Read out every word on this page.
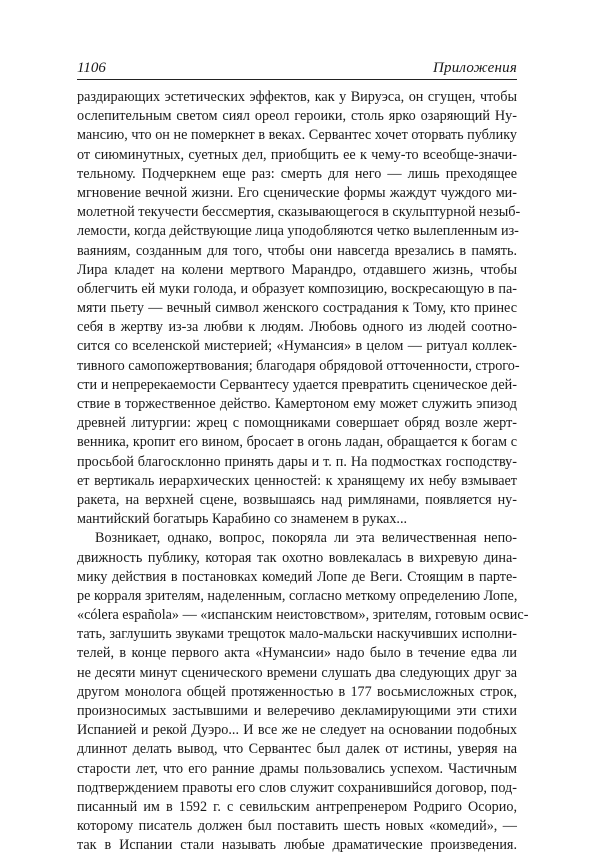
1106	Приложения
раздирающих эстетических эффектов, как у Вируэса, он сгущен, чтобы
ослепительным светом сиял ореол героики, столь ярко озаряющий Ну-
мансию, что он не померкнет в веках. Сервантес хочет оторвать публику
от сиюминутных, суетных дел, приобщить ее к чему-то всеобще-значи-
тельному. Подчеркнем еще раз: смерть для него — лишь преходящее
мгновение вечной жизни. Его сценические формы жаждут чуждого ми-
молетной текучести бессмертия, сказывающегося в скульптурной незыб-
лемости, когда действующие лица уподобляются четко вылепленным из-
ваяниям, созданным для того, чтобы они навсегда врезались в память.
Лира кладет на колени мертвого Марандро, отдавшего жизнь, чтобы
облегчить ей муки голода, и образует композицию, воскресающую в па-
мяти пьету — вечный символ женского сострадания к Тому, кто принес
себя в жертву из-за любви к людям. Любовь одного из людей соотно-
сится со вселенской мистерией; «Нумансия» в целом — ритуал коллек-
тивного самопожертвования; благодаря обрядовой отточенности, строго-
сти и непререкаемости Сервантесу удается превратить сценическое дей-
ствие в торжественное действо. Камертоном ему может служить эпизод
древней литургии: жрец с помощниками совершает обряд возле жерт-
венника, кропит его вином, бросает в огонь ладан, обращается к богам с
просьбой благосклонно принять дары и т. п. На подмостках господству-
ет вертикаль иерархических ценностей: к хранящему их небу взмывает
ракета, на верхней сцене, возвышаясь над римлянами, появляется ну-
мантийский богатырь Карабино со знаменем в руках...
Возникает, однако, вопрос, покоряла ли эта величественная непо-
движность публику, которая так охотно вовлекалась в вихревую дина-
мику действия в постановках комедий Лопе де Веги. Стоящим в парте-
ре корраля зрителям, наделенным, согласно меткому определению Лопе,
«cólera española» — «испанским неистовством», зрителям, готовым освис-
тать, заглушить звуками трещоток мало-мальски наскучивших исполни-
телей, в конце первого акта «Нумансии» надо было в течение едва ли
не десяти минут сценического времени слушать два следующих друг за
другом монолога общей протяженностью в 177 восьмисложных строк,
произносимых застывшими и велеречиво декламирующими эти стихи
Испанией и рекой Дуэро... И все же не следует на основании подобных
длиннот делать вывод, что Сервантес был далек от истины, уверяя на
старости лет, что его ранние драмы пользовались успехом. Частичным
подтверждением правоты его слов служит сохранившийся договор, под-
писанный им в 1592 г. с севильским антрепренером Родриго Осорио,
которому писатель должен был поставить шесть новых «комедий», —
так в Испании стали называть любые драматические произведения.
